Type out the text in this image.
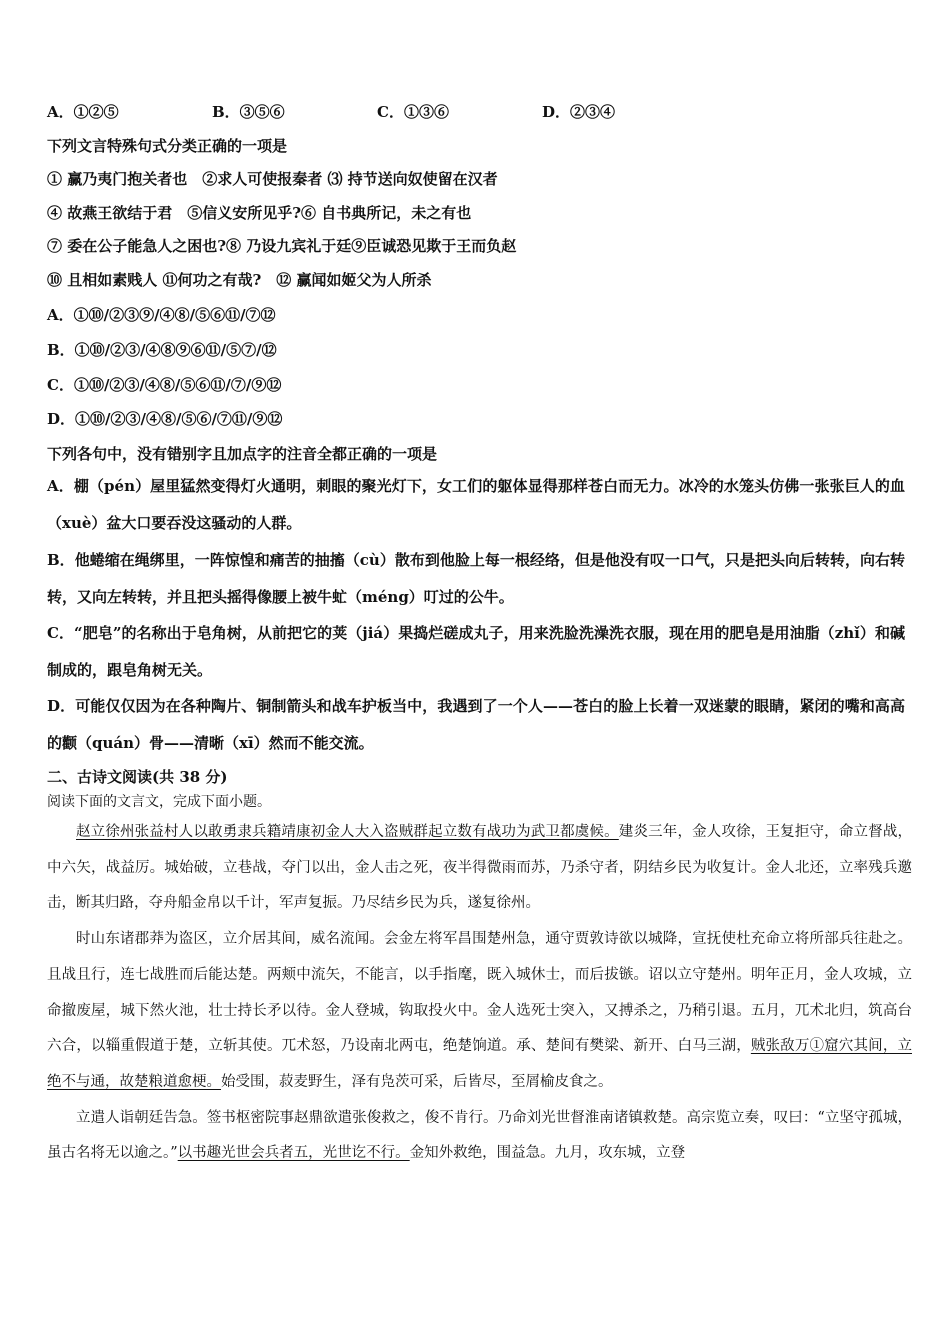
A．①②⑤	B．③⑤⑥	C．①③⑥	D．②③④
下列文言特殊句式分类正确的一项是
① 赢乃夷门抱关者也　②求人可使报秦者 ⑶ 持节送向奴使留在汉者
④ 故燕王欲结于君　⑤信义安所见乎?⑥ 自书典所记，未之有也
⑦ 委在公子能急人之困也?⑧ 乃设九宾礼于廷⑨臣诚恐见欺于王而负赵
⑩ 且相如素贱人 ⑪何功之有哉?　⑫ 赢闻如姬父为人所杀
A．①⑩/②③⑨/④⑧/⑤⑥⑪/⑦⑫
B．①⑩/②③/④⑧⑨⑥⑪/⑤⑦/⑫
C．①⑩/②③/④⑧/⑤⑥⑪/⑦/⑨⑫
D．①⑩/②③/④⑧/⑤⑥/⑦⑪/⑨⑫
下列各句中，没有错别字且加点字的注音全都正确的一项是
A．棚（pén）屋里猛然变得灯火通明，刺眼的聚光灯下，女工们的躯体显得那样苍白而无力。冰冷的水笼头仿佛一张张巨人的血（xuè）盆大口要吞没这骚动的人群。
B．他蜷缩在绳绑里，一阵惊惶和痛苦的抽搐（cù）散布到他脸上每一根经络，但是他没有叹一口气，只是把头向后转转，向右转转，又向左转转，并且把头摇得像腰上被牛虻（méng）叮过的公牛。
C．“肥皂”的名称出于皂角树，从前把它的荚（jiá）果捣烂磋成丸子，用来洗脸洗澡洗衣服，现在用的肥皂是用油脂（zhǐ）和碱制成的，跟皂角树无关。
D．可能仅仅因为在各种陶片、铜制箭头和战车护板当中，我遇到了一个人——苍白的脸上长着一双迷蒙的眼睛，紧闭的嘴和高高的颧（quán）骨——清晰（xī）然而不能交流。
二、古诗文阅读(共 38 分)
阅读下面的文言文，完成下面小题。

赵立徐州张益村人以敢勇隶兵籍靖康初金人大入盗贼群起立数有战功为武卫都虞候。建炎三年，金人攻徐，王复拒守，命立督战，中六矢，战益厉。城始破，立巷战，夺门以出，金人击之死，夜半得微雨而苏，乃杀守者，阴结乡民为收复计。金人北还，立率残兵邀击，断其归路，夺舟船金帛以千计，军声复振。乃尽结乡民为兵，遂复徐州。

时山东诸郡莽为盗区，立介居其间，威名流闻。会金左将军昌围楚州急，通守贾敦诗欲以城降，宣抚使杜充命立将所部兵往赴之。且战且行，连七战胜而后能达楚。两颊中流矢，不能言，以手指麾，既入城休士，而后拔镞。诏以立守楚州。明年正月，金人攻城，立命撤废屋，城下然火池，壮士持长矛以待。金人登城，钩取投火中。金人选死士突入，又搏杀之，乃稍引退。五月，兀术北归，筑高台六合，以辎重假道于楚，立斩其使。兀术怒，乃设南北两屯，绝楚饷道。承、楚间有樊梁、新开、白马三湖，贼张敌万①窟穴其间，立绝不与通，故楚粮道愈梗。始受围，菽麦野生，泽有凫茨可采，后皆尽，至屑榆皮食之。

立遣人诣朝廷告急。签书枢密院事赵鼎欲遣张俊救之，俊不肯行。乃命刘光世督淮南诸镇救楚。高宗览立奏，叹曰：“立坚守孤城，虽古名将无以逾之。”以书趣光世会兵者五，光世讫不行。金知外救绝，围益急。九月，攻东城，立登
